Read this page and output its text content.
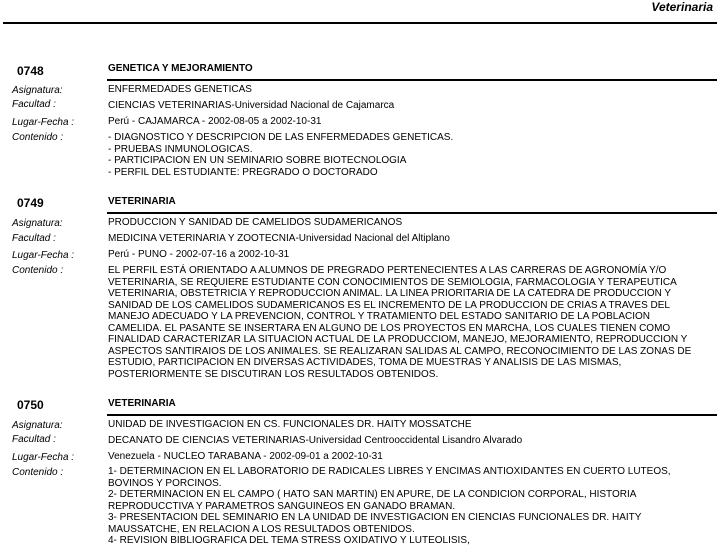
Veterinaria
0748	GENETICA Y MEJORAMIENTO
Asignatura:	ENFERMEDADES GENETICAS
Facultad :	CIENCIAS VETERINARIAS-Universidad Nacional de Cajamarca
Lugar-Fecha :	Perú - CAJAMARCA - 2002-08-05 a 2002-10-31
Contenido :	- DIAGNOSTICO Y DESCRIPCION DE LAS ENFERMEDADES GENETICAS.
- PRUEBAS INMUNOLOGICAS.
- PARTICIPACION EN UN SEMINARIO SOBRE BIOTECNOLOGIA
- PERFIL DEL ESTUDIANTE: PREGRADO O DOCTORADO
0749	VETERINARIA
Asignatura:	PRODUCCION Y SANIDAD DE CAMELIDOS SUDAMERICANOS
Facultad :	MEDICINA VETERINARIA Y ZOOTECNIA-Universidad Nacional del Altiplano
Lugar-Fecha :	Perú - PUNO - 2002-07-16 a 2002-10-31
Contenido :	EL PERFIL ESTÁ ORIENTADO A ALUMNOS DE PREGRADO PERTENECIENTES A LAS CARRERAS DE AGRONOMÍA Y/O
VETERINARIA, SE REQUIERE ESTUDIANTE CON CONOCIMIENTOS DE SEMIOLOGIA, FARMACOLOGIA Y TERAPEUTICA
VETERINARIA, OBSTETRICIA Y REPRODUCCION ANIMAL. LA LINEA PRIORITARIA DE LA CATEDRA DE PRODUCCION Y
SANIDAD DE LOS CAMELIDOS SUDAMERICANOS ES EL INCREMENTO DE LA PRODUCCION DE CRIAS A TRAVES DEL
MANEJO ADECUADO Y LA PREVENCION, CONTROL Y TRATAMIENTO DEL ESTADO SANITARIO DE LA POBLACION
CAMELIDA. EL PASANTE SE INSERTARA EN ALGUNO DE LOS PROYECTOS EN MARCHA, LOS CUALES TIENEN COMO
FINALIDAD CARACTERIZAR LA SITUACION ACTUAL DE LA PRODUCCIOM, MANEJO, MEJORAMIENTO, REPRODUCCION Y
ASPECTOS SANTIRAIOS DE LOS ANIMALES. SE REALIZARAN SALIDAS AL CAMPO, RECONOCIMIENTO DE LAS ZONAS DE
ESTUDIO, PARTICIPACION EN DIVERSAS ACTIVIDADES, TOMA DE MUESTRAS Y ANALISIS DE LAS MISMAS,
POSTERIORMENTE SE DISCUTIRAN LOS RESULTADOS OBTENIDOS.
0750	VETERINARIA
Asignatura:	UNIDAD DE INVESTIGACION EN CS. FUNCIONALES DR. HAITY MOSSATCHE
Facultad :	DECANATO DE CIENCIAS VETERINARIAS-Universidad Centrooccidental Lisandro Alvarado
Lugar-Fecha :	Venezuela - NUCLEO TARABANA - 2002-09-01 a 2002-10-31
Contenido :	1- DETERMINACION EN EL LABORATORIO DE RADICALES LIBRES Y ENCIMAS ANTIOXIDANTES EN CUERTO LUTEOS,
BOVINOS Y PORCINOS.
2- DETERMINACION EN EL CAMPO ( HATO SAN MARTIN) EN APURE, DE LA CONDICION CORPORAL, HISTORIA
REPRODUCCTIVA Y PARAMETROS SANGUINEOS EN GANADO BRAMAN.
3- PRESENTACION DEL SEMINARIO EN LA UNIDAD DE INVESTIGACION EN CIENCIAS FUNCIONALES DR. HAITY
MAUSSATCHE, EN RELACION A LOS RESULTADOS OBTENIDOS.
4- REVISION BIBLIOGRAFICA DEL TEMA STRESS OXIDATIVO Y LUTEOLISIS,
